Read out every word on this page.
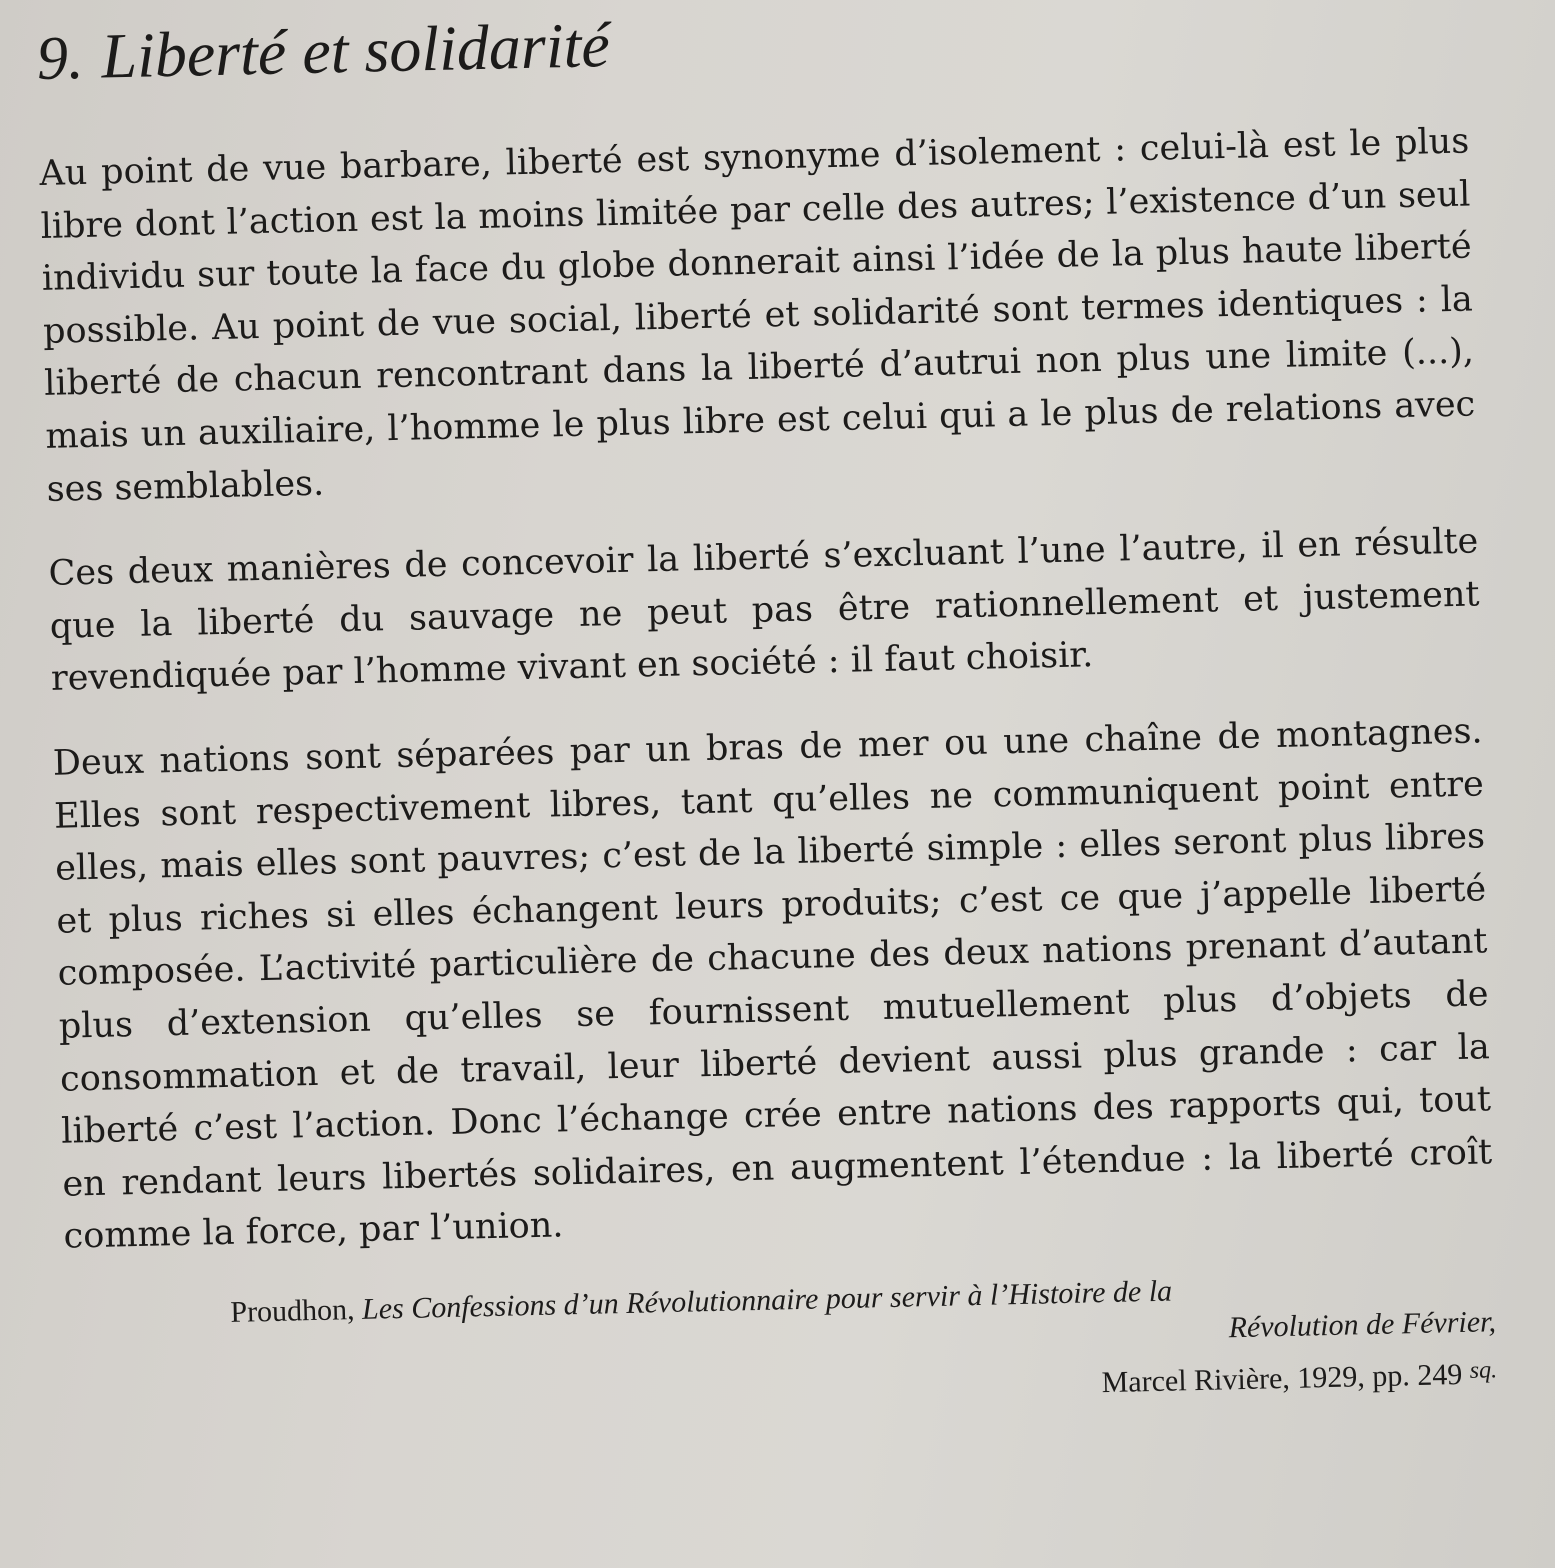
9. Liberté et solidarité

Au point de vue barbare, liberté est synonyme d’isolement : celui-là est le plus libre dont l’action est la moins limitée par celle des autres; l’existence d’un seul individu sur toute la face du globe donnerait ainsi l’idée de la plus haute liberté possible. Au point de vue social, liberté et solidarité sont termes identiques : la liberté de chacun rencontrant dans la liberté d’autrui non plus une limite (...), mais un auxiliaire, l’homme le plus libre est celui qui a le plus de relations avec ses semblables.

Ces deux manières de concevoir la liberté s’excluant l’une l’autre, il en résulte que la liberté du sauvage ne peut pas être rationnellement et justement revendiquée par l’homme vivant en société : il faut choisir.

Deux nations sont séparées par un bras de mer ou une chaîne de montagnes. Elles sont respectivement libres, tant qu’elles ne communiquent point entre elles, mais elles sont pauvres; c’est de la liberté simple : elles seront plus libres et plus riches si elles échangent leurs produits; c’est ce que j’appelle liberté composée. L’activité particulière de chacune des deux nations prenant d’autant plus d’extension qu’elles se fournissent mutuellement plus d’objets de consommation et de travail, leur liberté devient aussi plus grande : car la liberté c’est l’action. Donc l’échange crée entre nations des rapports qui, tout en rendant leurs libertés solidaires, en augmentent l’étendue : la liberté croît comme la force, par l’union.

Proudhon, Les Confessions d’un Révolutionnaire pour servir à l’Histoire de la	Révolution de Février,
Marcel Rivière, 1929, pp. 249 $^{sq.}$
